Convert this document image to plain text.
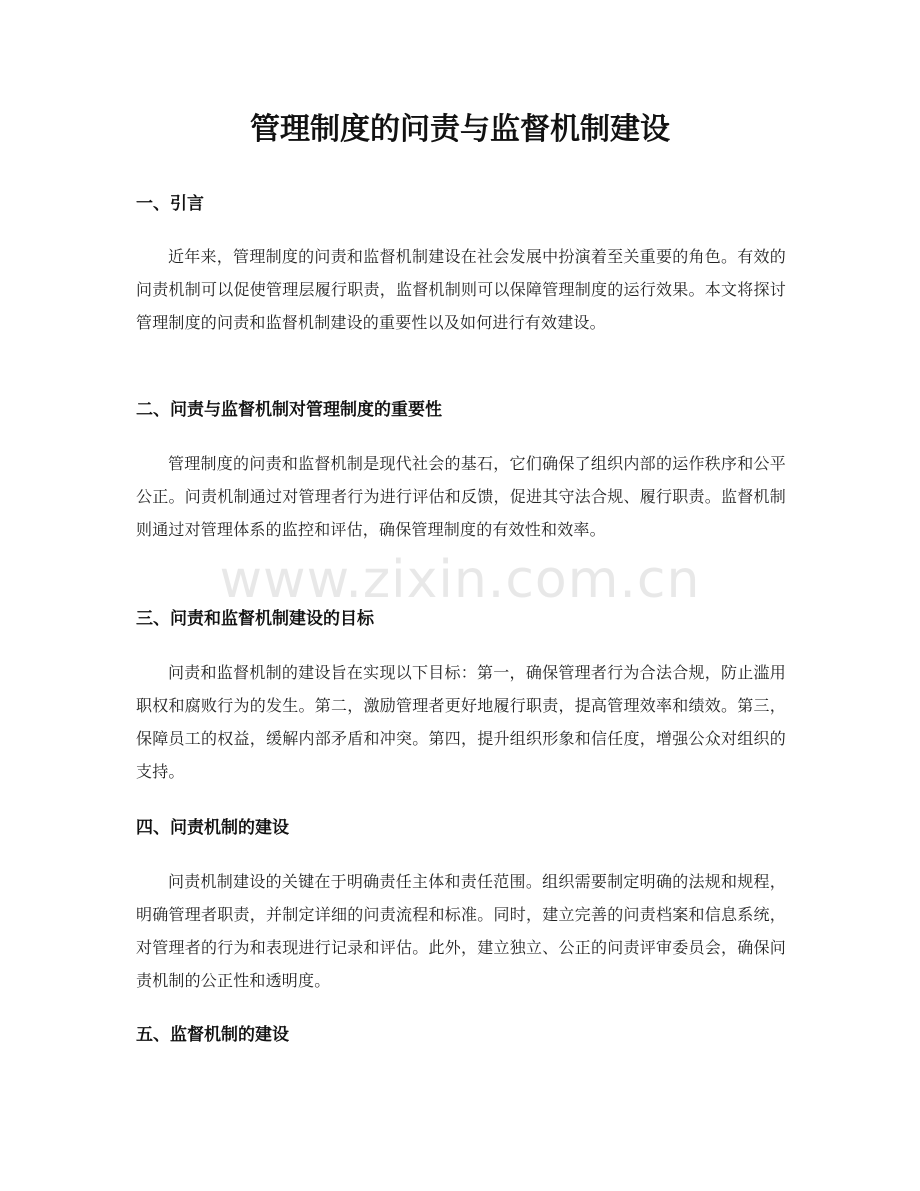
管理制度的问责与监督机制建设
一、引言

近年来，管理制度的问责和监督机制建设在社会发展中扮演着至关重要的角色。有效的问责机制可以促使管理层履行职责，监督机制则可以保障管理制度的运行效果。本文将探讨管理制度的问责和监督机制建设的重要性以及如何进行有效建设。

二、问责与监督机制对管理制度的重要性

管理制度的问责和监督机制是现代社会的基石，它们确保了组织内部的运作秩序和公平公正。问责机制通过对管理者行为进行评估和反馈，促进其守法合规、履行职责。监督机制则通过对管理体系的监控和评估，确保管理制度的有效性和效率。

三、问责和监督机制建设的目标

问责和监督机制的建设旨在实现以下目标：第一，确保管理者行为合法合规，防止滥用职权和腐败行为的发生。第二，激励管理者更好地履行职责，提高管理效率和绩效。第三，保障员工的权益，缓解内部矛盾和冲突。第四，提升组织形象和信任度，增强公众对组织的支持。

四、问责机制的建设

问责机制建设的关键在于明确责任主体和责任范围。组织需要制定明确的法规和规程，明确管理者职责，并制定详细的问责流程和标准。同时，建立完善的问责档案和信息系统，对管理者的行为和表现进行记录和评估。此外，建立独立、公正的问责评审委员会，确保问责机制的公正性和透明度。

五、监督机制的建设
www.zixin.com.cn
